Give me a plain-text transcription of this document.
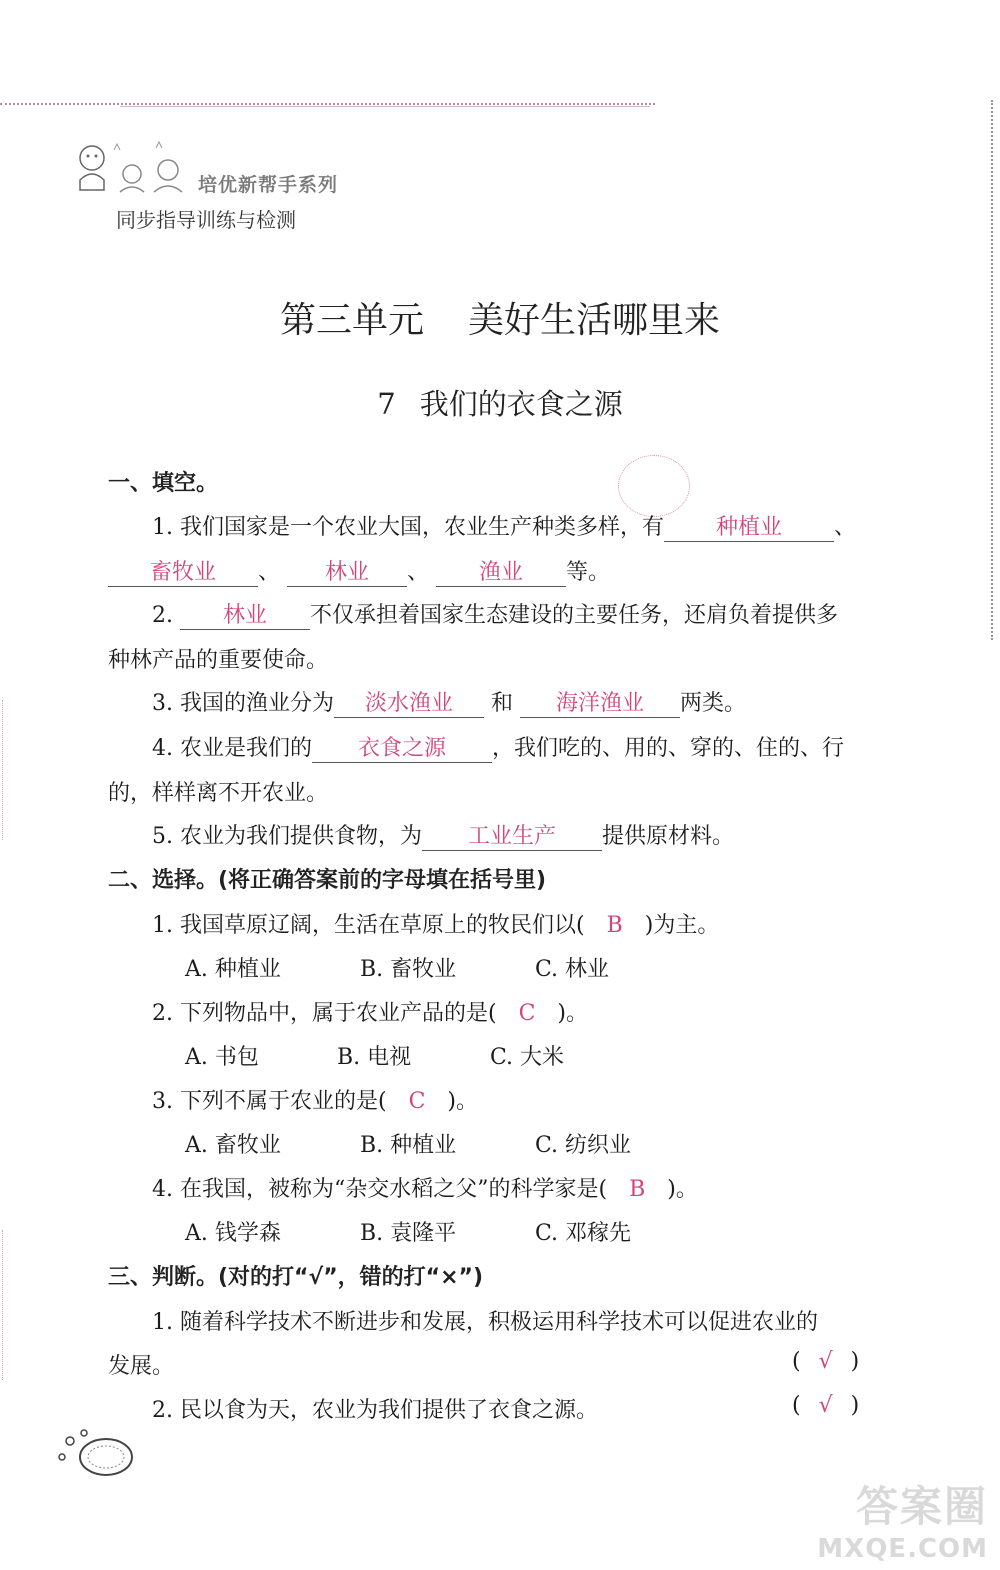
培优新帮手系列
同步指导训练与检测
第三单元 美好生活哪里来
7 我们的衣食之源
一、填空。
1. 我们国家是一个农业大国，农业生产种类多样，有 种植业 、
畜牧业 、 林业 、 渔业 等。
2. 林业 不仅承担着国家生态建设的主要任务，还肩负着提供多
种林产品的重要使命。
3. 我国的渔业分为 淡水渔业 和 海洋渔业 两类。
4. 农业是我们的 衣食之源 ，我们吃的、用的、穿的、住的、行
的，样样离不开农业。
5. 农业为我们提供食物，为 工业生产 提供原材料。
二、选择。(将正确答案前的字母填在括号里)
1. 我国草原辽阔，生活在草原上的牧民们以( B )为主。
A. 种植业	B. 畜牧业	C. 林业
2. 下列物品中，属于农业产品的是( C )。
A. 书包	B. 电视	C. 大米
3. 下列不属于农业的是( C )。
A. 畜牧业	B. 种植业	C. 纺织业
4. 在我国，被称为“杂交水稻之父”的科学家是( B )。
A. 钱学森	B. 袁隆平	C. 邓稼先
三、判断。(对的打“√”，错的打“×”)
1. 随着科学技术不断进步和发展，积极运用科学技术可以促进农业的
发展。	( √ )
2. 民以食为天，农业为我们提供了衣食之源。	( √ )
答案圈
MXQE.COM
